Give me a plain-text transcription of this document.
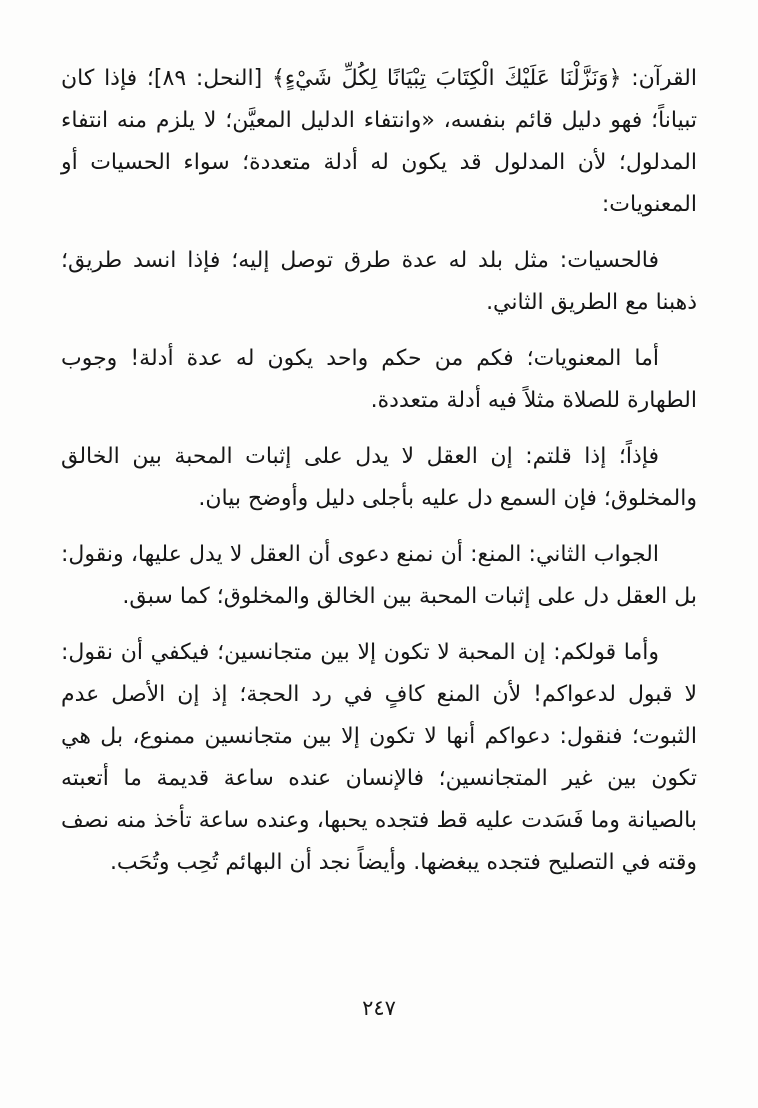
القرآن: ﴿وَنَزَّلْنَا عَلَيْكَ الْكِتَابَ تِبْيَانًا لِكُلِّ شَيْءٍ﴾ [النحل: ٨٩]؛ فإذا كان تبياناً؛ فهو دليل قائم بنفسه، «وانتفاء الدليل المعيَّن؛ لا يلزم منه انتفاء المدلول؛ لأن المدلول قد يكون له أدلة متعددة؛ سواء الحسيات أو المعنويات:

فالحسيات: مثل بلد له عدة طرق توصل إليه؛ فإذا انسد طريق؛ ذهبنا مع الطريق الثاني.

أما المعنويات؛ فكم من حكم واحد يكون له عدة أدلة! وجوب الطهارة للصلاة مثلاً فيه أدلة متعددة.

فإذاً؛ إذا قلتم: إن العقل لا يدل على إثبات المحبة بين الخالق والمخلوق؛ فإن السمع دل عليه بأجلى دليل وأوضح بيان.

الجواب الثاني: المنع: أن نمنع دعوى أن العقل لا يدل عليها، ونقول: بل العقل دل على إثبات المحبة بين الخالق والمخلوق؛ كما سبق.

وأما قولكم: إن المحبة لا تكون إلا بين متجانسين؛ فيكفي أن نقول: لا قبول لدعواكم! لأن المنع كافٍ في رد الحجة؛ إذ إن الأصل عدم الثبوت؛ فنقول: دعواكم أنها لا تكون إلا بين متجانسين ممنوع، بل هي تكون بين غير المتجانسين؛ فالإنسان عنده ساعة قديمة ما أتعبته بالصيانة وما فَسَدت عليه قط فتجده يحبها، وعنده ساعة تأخذ منه نصف وقته في التصليح فتجده يبغضها. وأيضاً نجد أن البهائم تُحِب وتُحَب.

٢٤٧
